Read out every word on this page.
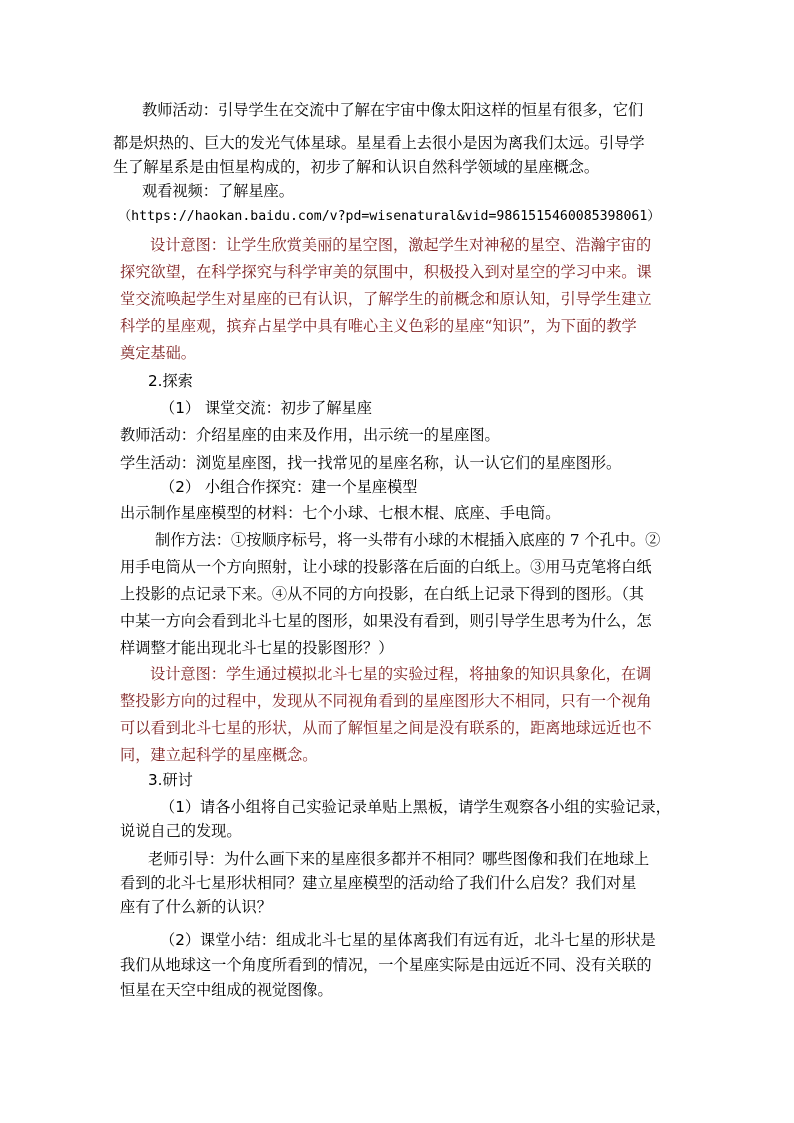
教师活动：引导学生在交流中了解在宇宙中像太阳这样的恒星有很多，它们
都是炽热的、巨大的发光气体星球。星星看上去很小是因为离我们太远。引导学
生了解星系是由恒星构成的，初步了解和认识自然科学领域的星座概念。
观看视频：了解星座。
（https://haokan.baidu.com/v?pd=wisenatural&vid=9861515460085398061）
设计意图：让学生欣赏美丽的星空图，激起学生对神秘的星空、浩瀚宇宙的
探究欲望，在科学探究与科学审美的氛围中，积极投入到对星空的学习中来。课
堂交流唤起学生对星座的已有认识，了解学生的前概念和原认知，引导学生建立
科学的星座观，摈弃占星学中具有唯心主义色彩的星座“知识”，为下面的教学
奠定基础。
2.探索
（1） 课堂交流：初步了解星座
教师活动：介绍星座的由来及作用，出示统一的星座图。
学生活动：浏览星座图，找一找常见的星座名称，认一认它们的星座图形。
（2） 小组合作探究：建一个星座模型
出示制作星座模型的材料：七个小球、七根木棍、底座、手电筒。
制作方法：①按顺序标号，将一头带有小球的木棍插入底座的 7 个孔中。②
用手电筒从一个方向照射，让小球的投影落在后面的白纸上。③用马克笔将白纸
上投影的点记录下来。④从不同的方向投影，在白纸上记录下得到的图形。（其
中某一方向会看到北斗七星的图形，如果没有看到，则引导学生思考为什么，怎
样调整才能出现北斗七星的投影图形？）
设计意图：学生通过模拟北斗七星的实验过程，将抽象的知识具象化，在调
整投影方向的过程中，发现从不同视角看到的星座图形大不相同，只有一个视角
可以看到北斗七星的形状，从而了解恒星之间是没有联系的，距离地球远近也不
同，建立起科学的星座概念。
3.研讨
（1）请各小组将自己实验记录单贴上黑板，请学生观察各小组的实验记录，
说说自己的发现。
老师引导：为什么画下来的星座很多都并不相同？哪些图像和我们在地球上
看到的北斗七星形状相同？建立星座模型的活动给了我们什么启发？我们对星
座有了什么新的认识？
（2）课堂小结：组成北斗七星的星体离我们有远有近，北斗七星的形状是
我们从地球这一个角度所看到的情况，一个星座实际是由远近不同、没有关联的
恒星在天空中组成的视觉图像。
